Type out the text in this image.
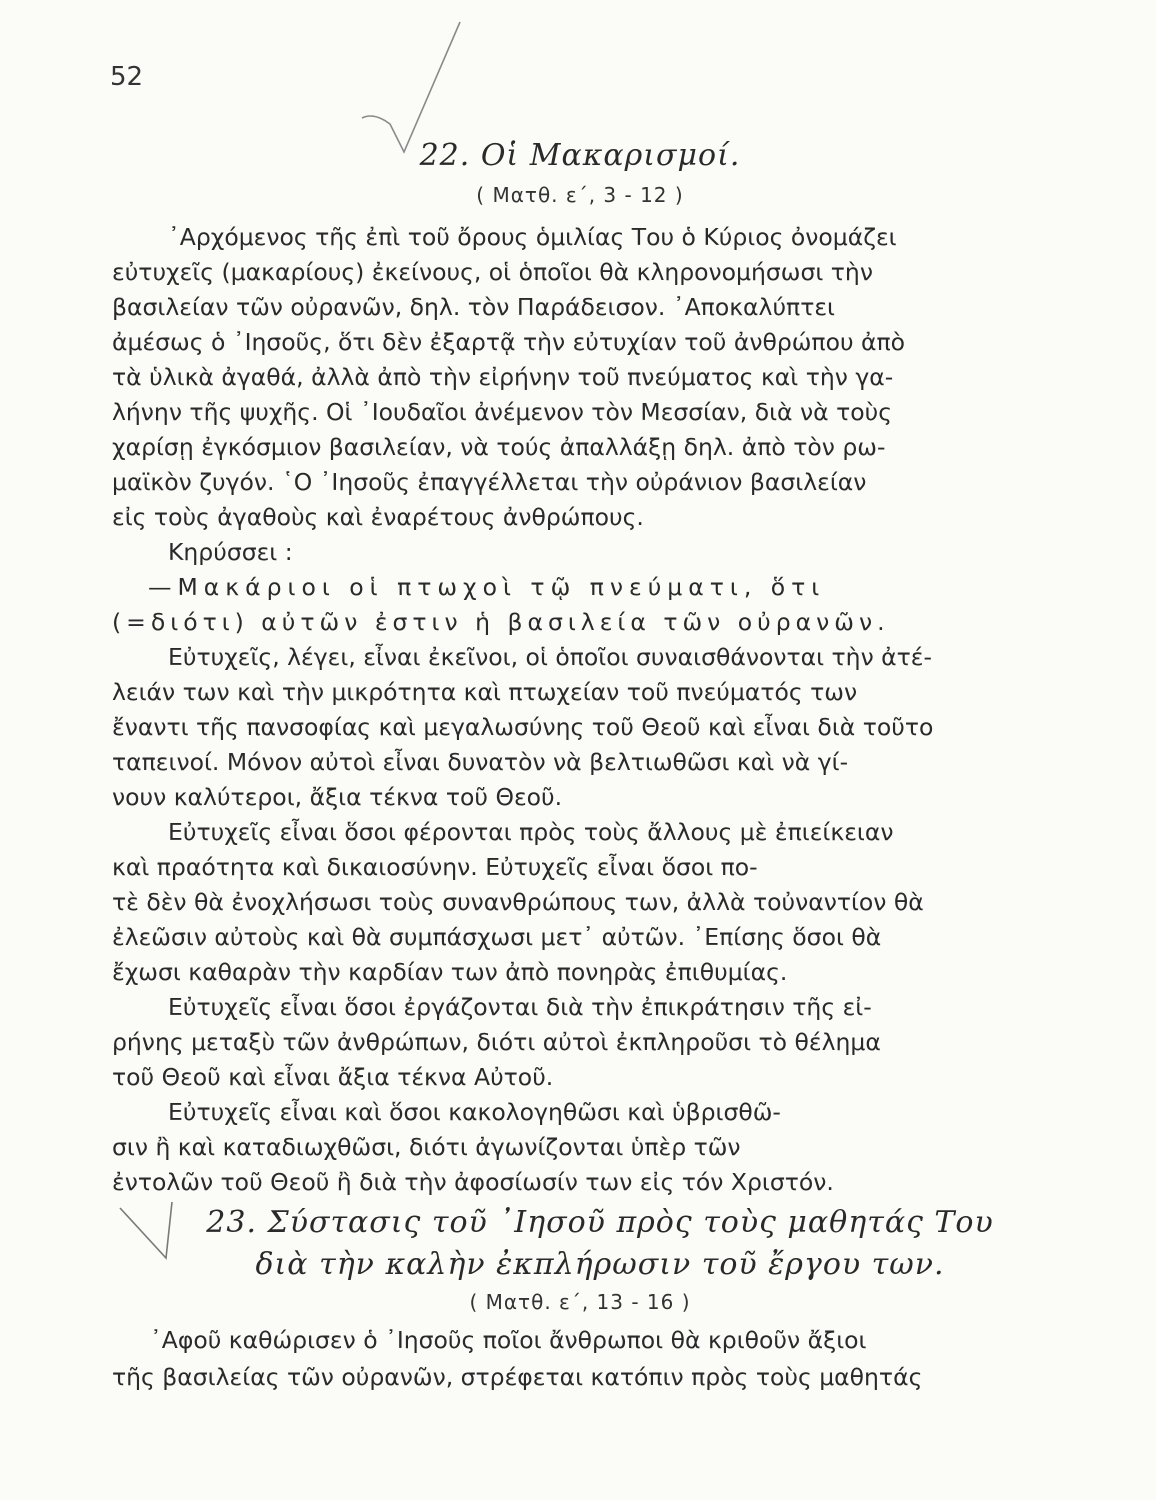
52
22. Οἱ Μακαρισμοί.
( Ματθ. ε΄, 3 - 12 )
᾿Αρχόμενος τῆς ἐπὶ τοῦ ὄρους ὁμιλίας Του ὁ Κύριος ὀνομάζει
εὐτυχεῖς (μακαρίους) ἐκείνους, οἱ ὁποῖοι θὰ κληρονομήσωσι τὴν
βασιλείαν τῶν οὐρανῶν, δηλ. τὸν Παράδεισον. ᾿Αποκαλύπτει
ἀμέσως ὁ ᾿Ιησοῦς, ὅτι δὲν ἐξαρτᾷ τὴν εὐτυχίαν τοῦ ἀνθρώπου ἀπὸ
τὰ ὑλικὰ ἀγαθά, ἀλλὰ ἀπὸ τὴν εἰρήνην τοῦ πνεύματος καὶ τὴν γα-
λήνην τῆς ψυχῆς. Οἱ ᾿Ιουδαῖοι ἀνέμενον τὸν Μεσσίαν, διὰ νὰ τοὺς
χαρίσῃ ἐγκόσμιον βασιλείαν, νὰ τούς ἀπαλλάξῃ δηλ. ἀπὸ τὸν ρω-
μαϊκὸν ζυγόν. ῾Ο ᾿Ιησοῦς ἐπαγγέλλεται τὴν οὐράνιον βασιλείαν
εἰς τοὺς ἀγαθοὺς καὶ ἐναρέτους ἀνθρώπους.
Κηρύσσει :
—Μακάριοι οἱ πτωχοὶ τῷ πνεύματι, ὅτι
(=διότι) αὐτῶν ἐστιν ἡ βασιλεία τῶν οὐρανῶν.
Εὐτυχεῖς, λέγει, εἶναι ἐκεῖνοι, οἱ ὁποῖοι συναισθάνονται τὴν ἀτέ-
λειάν των καὶ τὴν μικρότητα καὶ πτωχείαν τοῦ πνεύματός των
ἔναντι τῆς πανσοφίας καὶ μεγαλωσύνης τοῦ Θεοῦ καὶ εἶναι διὰ τοῦτο
ταπεινοί. Μόνον αὐτοὶ εἶναι δυνατὸν νὰ βελτιωθῶσι καὶ νὰ γί-
νουν καλύτεροι, ἄξια τέκνα τοῦ Θεοῦ.
Εὐτυχεῖς εἶναι ὅσοι φέρονται πρὸς τοὺς ἄλλους μὲ ἐπιείκειαν
καὶ πραότητα καὶ δικαιοσύνην. Εὐτυχεῖς εἶναι ὅσοι πο-
τὲ δὲν θὰ ἐνοχλήσωσι τοὺς συνανθρώπους των, ἀλλὰ τοὐναντίον θὰ
ἐλεῶσιν αὐτοὺς καὶ θὰ συμπάσχωσι μετ᾿ αὐτῶν. ᾿Επίσης ὅσοι θὰ
ἔχωσι καθαρὰν τὴν καρδίαν των ἀπὸ πονηρὰς ἐπιθυμίας.
Εὐτυχεῖς εἶναι ὅσοι ἐργάζονται διὰ τὴν ἐπικράτησιν τῆς εἰ-
ρήνης μεταξὺ τῶν ἀνθρώπων, διότι αὐτοὶ ἐκπληροῦσι τὸ θέλημα
τοῦ Θεοῦ καὶ εἶναι ἄξια τέκνα Αὐτοῦ.
Εὐτυχεῖς εἶναι καὶ ὅσοι κακολογηθῶσι καὶ ὑβρισθῶ-
σιν ἢ καὶ καταδιωχθῶσι, διότι ἀγωνίζονται ὑπὲρ τῶν
ἐντολῶν τοῦ Θεοῦ ἢ διὰ τὴν ἀφοσίωσίν των εἰς τόν Χριστόν.
23. Σύστασις τοῦ ᾿Ιησοῦ πρὸς τοὺς μαθητάς Του
διὰ τὴν καλὴν ἐκπλήρωσιν τοῦ ἔργου των.
( Ματθ. ε΄, 13 - 16 )
᾿Αφοῦ καθώρισεν ὁ ᾿Ιησοῦς ποῖοι ἄνθρωποι θὰ κριθοῦν ἄξιοι
τῆς βασιλείας τῶν οὐρανῶν, στρέφεται κατόπιν πρὸς τοὺς μαθητάς
